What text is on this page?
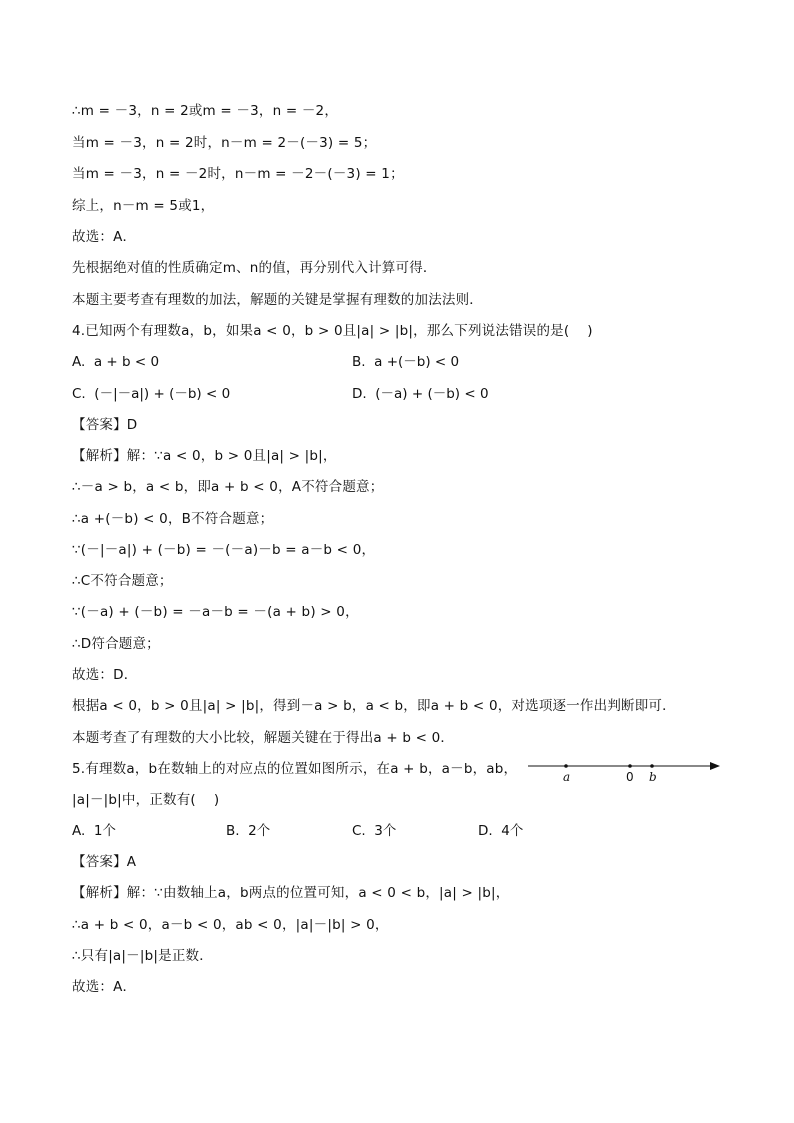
∴m = －3，n = 2或m = －3，n = －2，
当m = －3，n = 2时，n－m = 2－(－3) = 5；
当m = －3，n = －2时，n－m = －2－(－3) = 1；
综上，n－m = 5或1，
故选：A．
先根据绝对值的性质确定m、n的值，再分别代入计算可得．
本题主要考查有理数的加法，解题的关键是掌握有理数的加法法则．
4.已知两个有理数a，b，如果a < 0，b > 0且|a| > |b|，那么下列说法错误的是(    )
A.  a + b < 0	B.  a +(－b) < 0
C.  (－|－a|) + (－b) < 0	D.  (－a) + (－b) < 0
【答案】D
【解析】解：∵a < 0，b > 0且|a| > |b|，
∴－a > b，a < b，即a + b < 0，A不符合题意；
∴a +(－b) < 0，B不符合题意；
∵(－|－a|) + (－b) = －(－a)－b = a－b < 0，
∴C不符合题意；
∵(－a) + (－b) = －a－b = －(a + b) > 0，
∴D符合题意；
故选：D．
根据a < 0，b > 0且|a| > |b|，得到－a > b，a < b，即a + b < 0，对选项逐一作出判断即可．
本题考查了有理数的大小比较，解题关键在于得出a + b < 0．
5.有理数a，b在数轴上的对应点的位置如图所示，在a + b，a－b，ab，	a	0 b
|a|－|b|中，正数有(    )
A.  1个	B.  2个	C.  3个	D.  4个
【答案】A
【解析】解：∵由数轴上a，b两点的位置可知，a < 0 < b，|a| > |b|，
∴a + b < 0，a－b < 0，ab < 0，|a|－|b| > 0，
∴只有|a|－|b|是正数．
故选：A．
